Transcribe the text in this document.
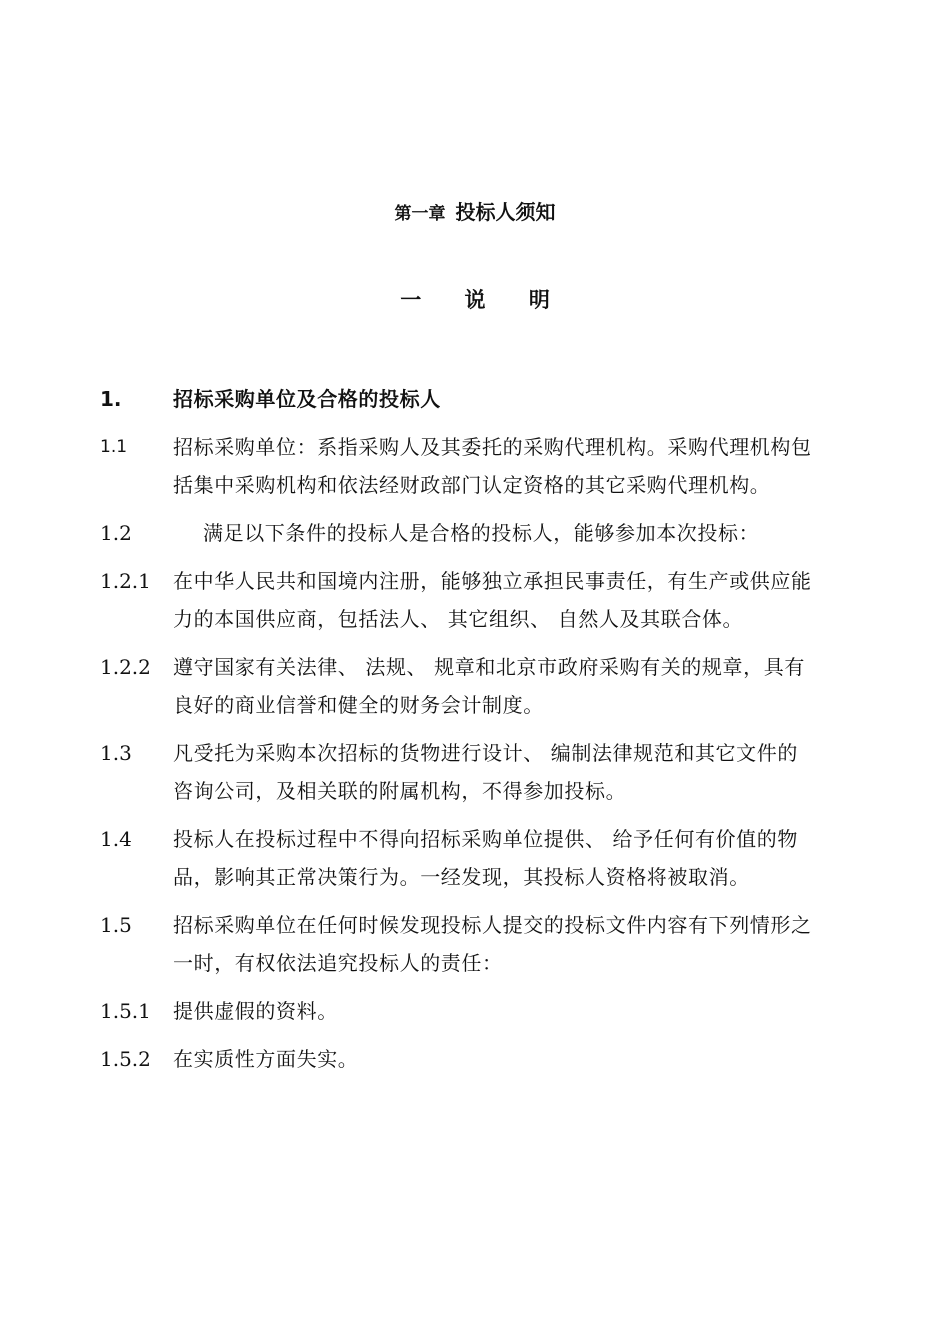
第一章 投标人须知
一 说 明
1.	招标采购单位及合格的投标人
1.1	招标采购单位：系指采购人及其委托的采购代理机构。采购代理机构包括集中采购机构和依法经财政部门认定资格的其它采购代理机构。
1.2	满足以下条件的投标人是合格的投标人，能够参加本次投标：
1.2.1	在中华人民共和国境内注册，能够独立承担民事责任，有生产或供应能力的本国供应商，包括法人、 其它组织、 自然人及其联合体。
1.2.2	遵守国家有关法律、 法规、 规章和北京市政府采购有关的规章，具有良好的商业信誉和健全的财务会计制度。
1.3	凡受托为采购本次招标的货物进行设计、 编制法律规范和其它文件的咨询公司，及相关联的附属机构，不得参加投标。
1.4	投标人在投标过程中不得向招标采购单位提供、 给予任何有价值的物品，影响其正常决策行为。一经发现，其投标人资格将被取消。
1.5	招标采购单位在任何时候发现投标人提交的投标文件内容有下列情形之一时，有权依法追究投标人的责任：
1.5.1	提供虚假的资料。
1.5.2	在实质性方面失实。
